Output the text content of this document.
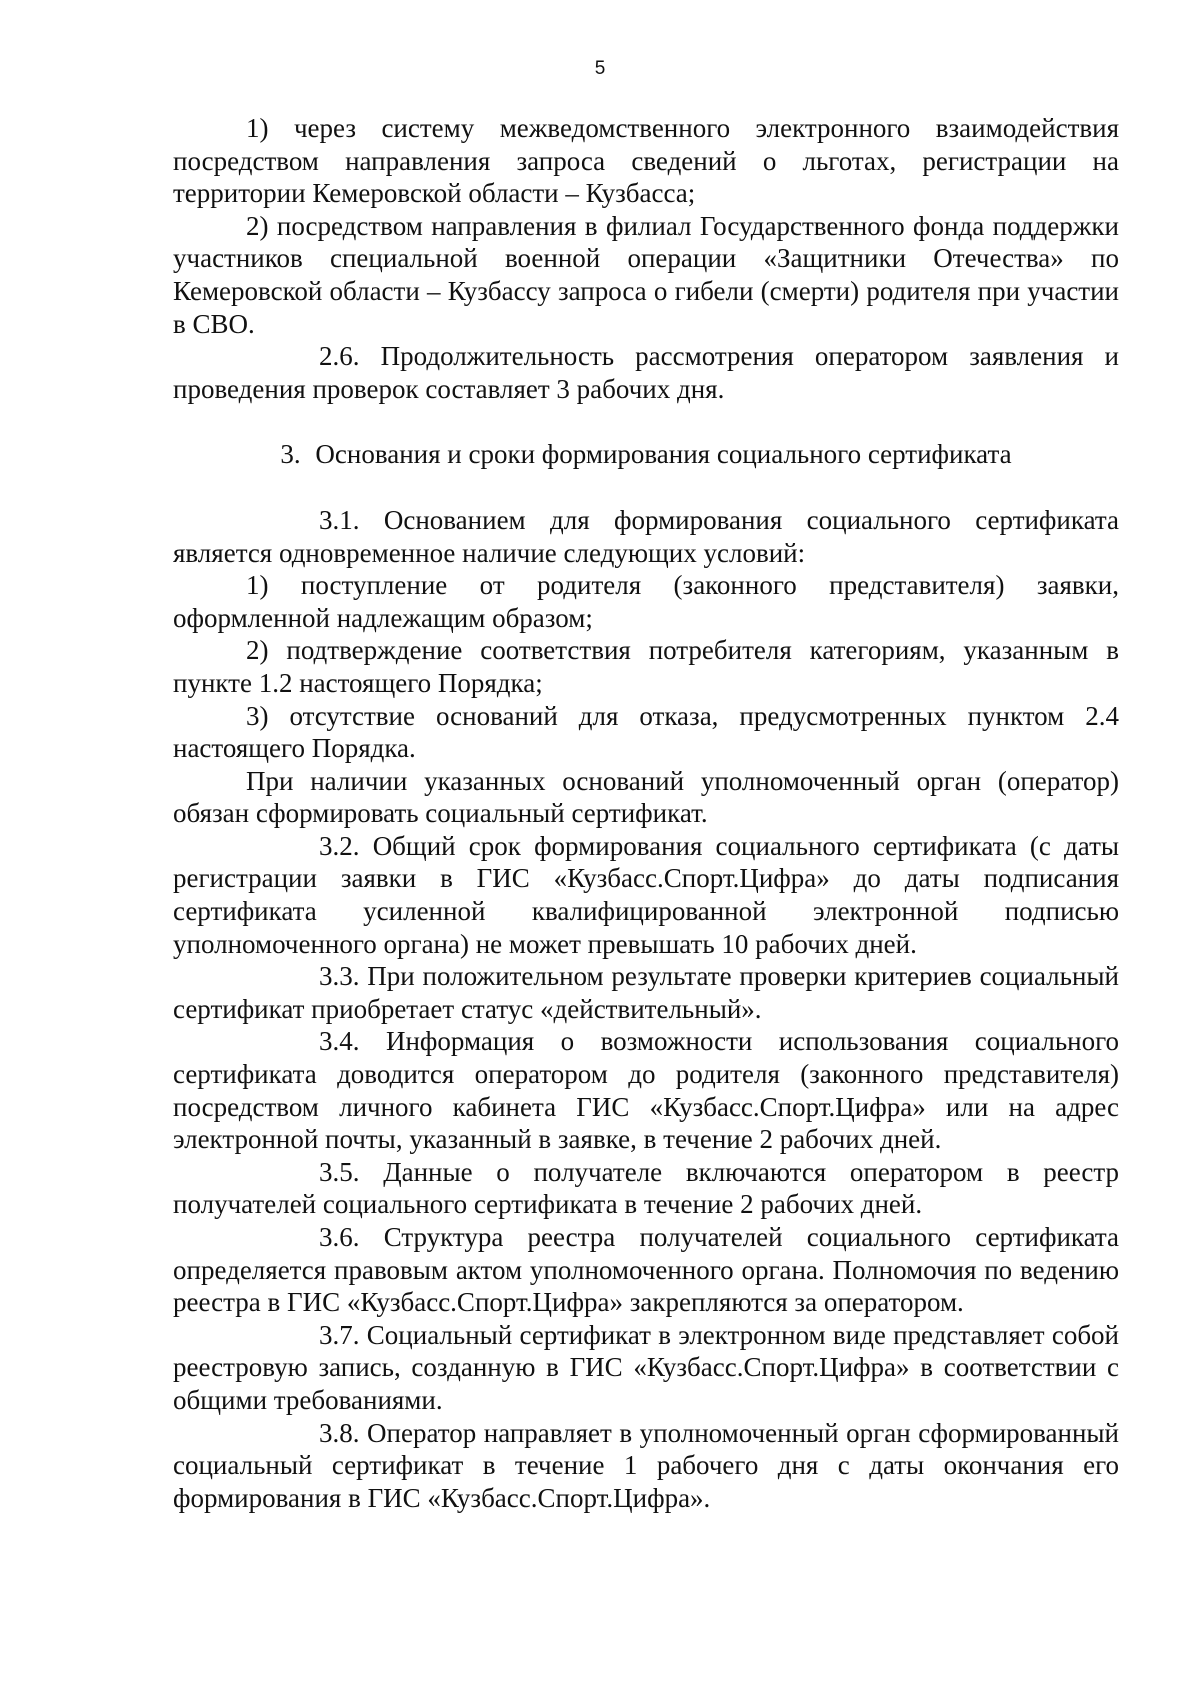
5

1) через систему межведомственного электронного взаимодействия посредством направления запроса сведений о льготах, регистрации на территории Кемеровской области – Кузбасса;

2) посредством направления в филиал Государственного фонда поддержки участников специальной военной операции «Защитники Отечества» по Кемеровской области – Кузбассу запроса о гибели (смерти) родителя при участии в СВО.

2.6. Продолжительность рассмотрения оператором заявления и проведения проверок составляет 3 рабочих дня.

3. Основания и сроки формирования социального сертификата

3.1. Основанием для формирования социального сертификата является одновременное наличие следующих условий:

1) поступление от родителя (законного представителя) заявки, оформленной надлежащим образом;

2) подтверждение соответствия потребителя категориям, указанным в пункте 1.2 настоящего Порядка;

3) отсутствие оснований для отказа, предусмотренных пунктом 2.4 настоящего Порядка.

При наличии указанных оснований уполномоченный орган (оператор) обязан сформировать социальный сертификат.

3.2. Общий срок формирования социального сертификата (с даты регистрации заявки в ГИС «Кузбасс.Спорт.Цифра» до даты подписания сертификата усиленной квалифицированной электронной подписью уполномоченного органа) не может превышать 10 рабочих дней.

3.3. При положительном результате проверки критериев социальный сертификат приобретает статус «действительный».

3.4. Информация о возможности использования социального сертификата доводится оператором до родителя (законного представителя) посредством личного кабинета ГИС «Кузбасс.Спорт.Цифра» или на адрес электронной почты, указанный в заявке, в течение 2 рабочих дней.

3.5. Данные о получателе включаются оператором в реестр получателей социального сертификата в течение 2 рабочих дней.

3.6. Структура реестра получателей социального сертификата определяется правовым актом уполномоченного органа. Полномочия по ведению реестра в ГИС «Кузбасс.Спорт.Цифра» закрепляются за оператором.

3.7. Социальный сертификат в электронном виде представляет собой реестровую запись, созданную в ГИС «Кузбасс.Спорт.Цифра» в соответствии с общими требованиями.

3.8. Оператор направляет в уполномоченный орган сформированный социальный сертификат в течение 1 рабочего дня с даты окончания его формирования в ГИС «Кузбасс.Спорт.Цифра».
